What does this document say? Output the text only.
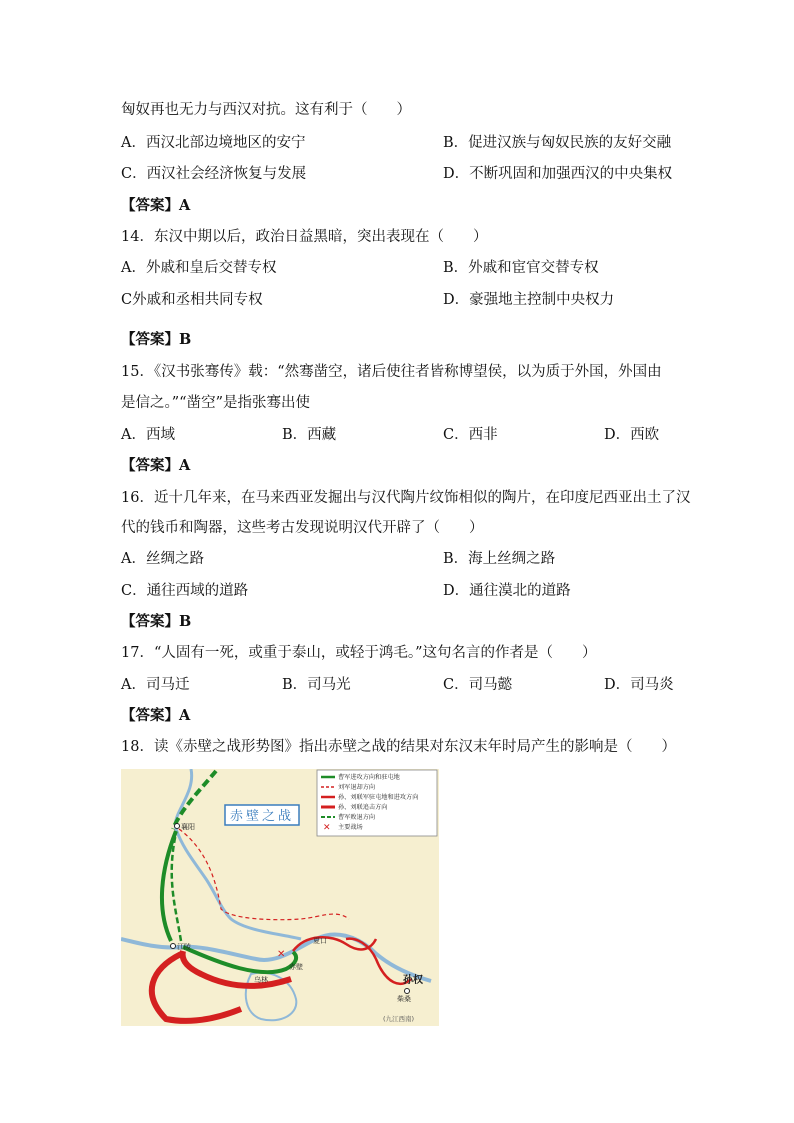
匈奴再也无力与西汉对抗。这有利于（　　）
A．西汉北部边境地区的安宁	B．促进汉族与匈奴民族的友好交融
C．西汉社会经济恢复与发展	D．不断巩固和加强西汉的中央集权
【答案】A
14．东汉中期以后，政治日益黑暗，突出表现在（　　）
A．外戚和皇后交替专权	B．外戚和宦官交替专权
C外戚和丞相共同专权	D．豪强地主控制中央权力
【答案】B
15．《汉书张骞传》载：“然骞凿空，诸后使往者皆称博望侯，以为质于外国，外国由
是信之。”“凿空”是指张骞出使
A．西域	B．西藏	C．西非	D．西欧
【答案】A
16．近十几年来，在马来西亚发掘出与汉代陶片纹饰相似的陶片，在印度尼西亚出土了汉
代的钱币和陶器，这些考古发现说明汉代开辟了（　　）
A．丝绸之路	B．海上丝绸之路
C．通往西域的道路	D．通往漠北的道路
【答案】B
17．“人固有一死，或重于泰山，或轻于鸿毛。”这句名言的作者是（　　）
A．司马迁	B．司马光	C．司马懿	D．司马炎
【答案】A
18．读《赤壁之战形势图》指出赤壁之战的结果对东汉末年时局产生的影响是（　　）
曹军进攻方向和驻屯地
刘军退却方向
孙、刘联军驻屯地和进攻方向
孙、刘联追击方向
曹军败退方向
✕ 主要战场
赤壁之战
襄阳
江陵
夏口
赤壁
乌林	孙权
柴桑
(九江西南)
✕
